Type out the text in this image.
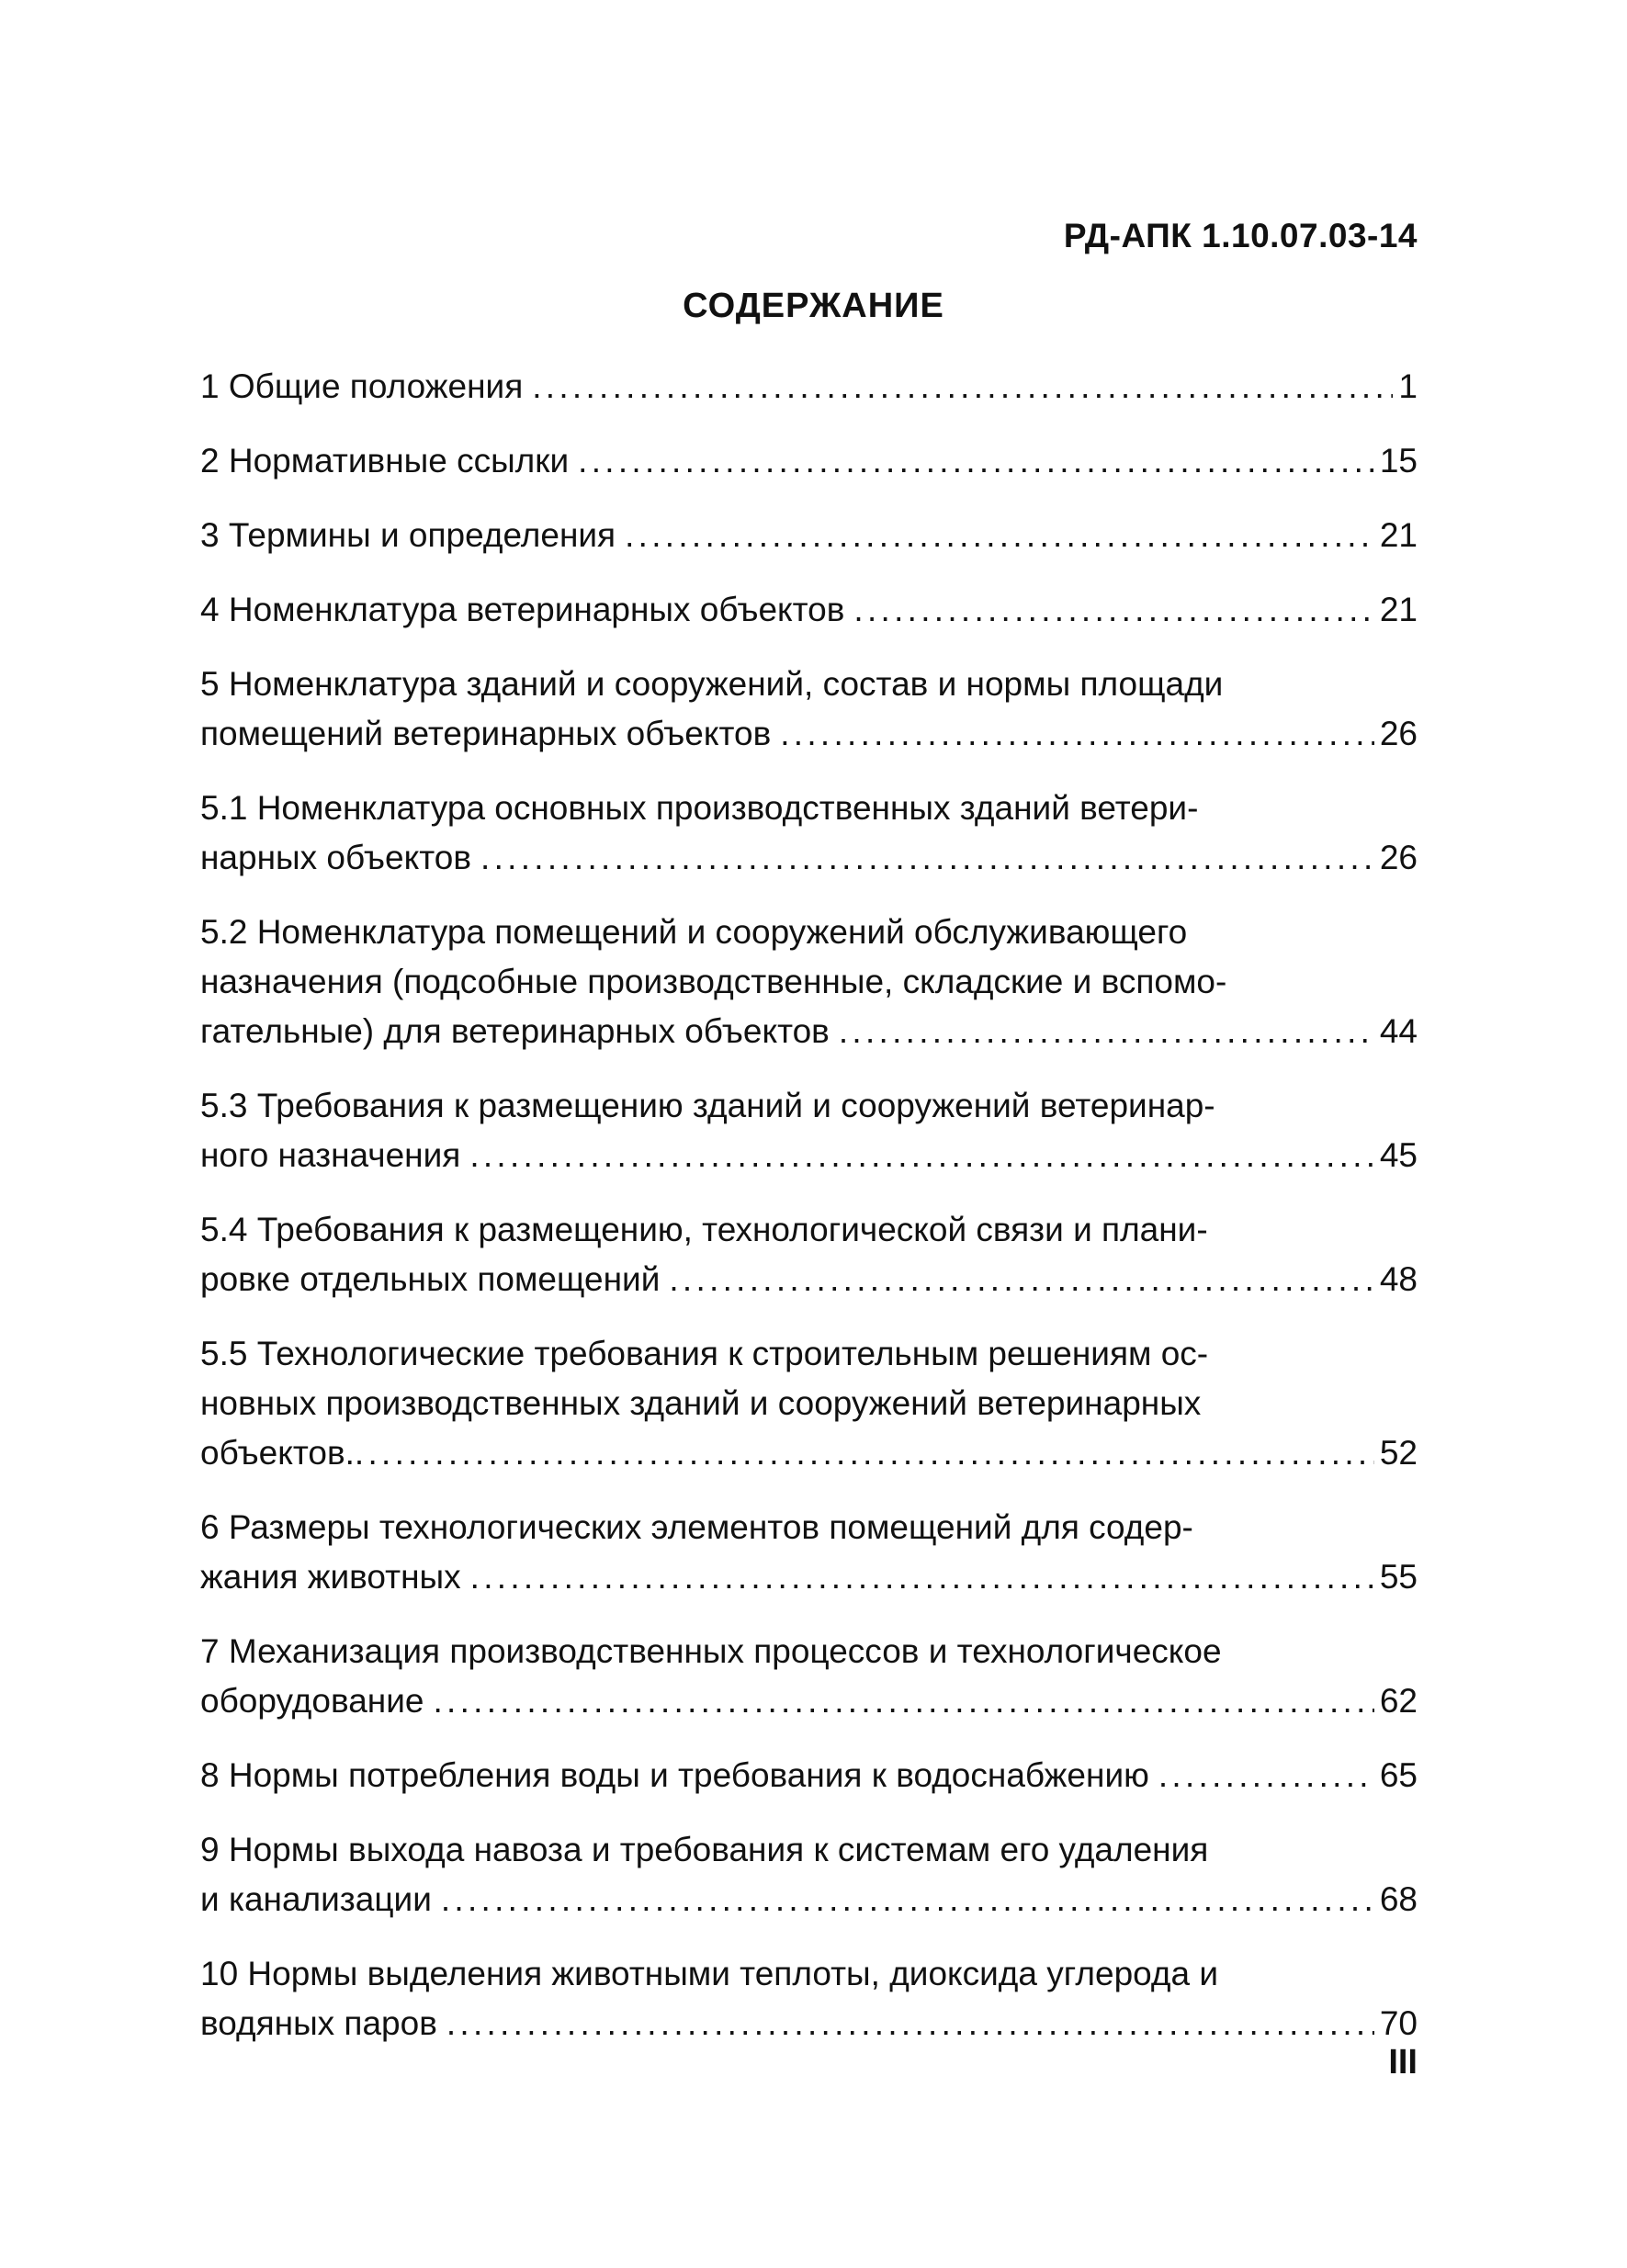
РД-АПК 1.10.07.03-14
СОДЕРЖАНИЕ
1 Общие положения . . .	1
2 Нормативные ссылки . . .	15
3 Термины и определения . . .	21
4 Номенклатура ветеринарных объектов . . .	21
5 Номенклатура зданий и сооружений, состав и нормы площади
помещений ветеринарных объектов . . .	26
5.1 Номенклатура основных производственных зданий ветери-
нарных объектов . . .	26
5.2 Номенклатура помещений и сооружений обслуживающего
назначения (подсобные производственные, складские и вспомо-
гательные) для ветеринарных объектов . . .	44
5.3 Требования к размещению зданий и сооружений ветеринар-
ного назначения . . .	45
5.4 Требования к размещению, технологической связи и плани-
ровке отдельных помещений . . .	48
5.5 Технологические требования к строительным решениям ос-
новных производственных зданий и сооружений ветеринарных
объектов. . . .	52
6 Размеры технологических элементов помещений для содер-
жания животных . . .	55
7 Механизация производственных процессов и технологическое
оборудование . . .	62
8 Нормы потребления воды и требования к водоснабжению . . .	65
9 Нормы выхода навоза и требования к системам его удаления
и канализации . . .	68
10 Нормы выделения животными теплоты, диоксида углерода и
водяных паров . . .	70
III
